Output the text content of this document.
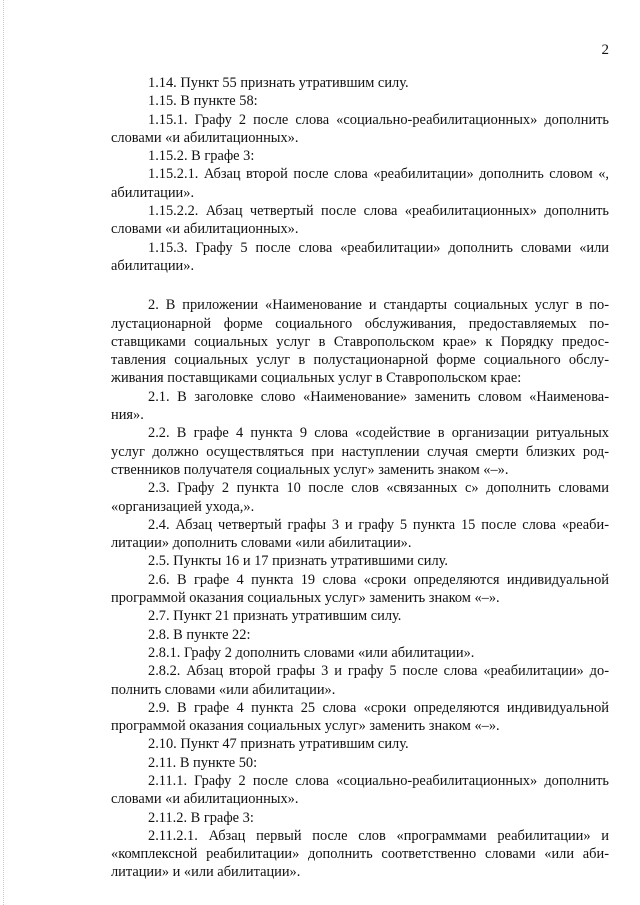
2

1.14. Пункт 55 признать утратившим силу.

1.15. В пункте 58:

1.15.1. Графу 2 после слова «социально-реабилитационных» дополнить словами «и абилитационных».

1.15.2. В графе 3:

1.15.2.1. Абзац второй после слова «реабилитации» дополнить словом «, абилитации».

1.15.2.2. Абзац четвертый после слова «реабилитационных» дополнить словами «и абилитационных».

1.15.3. Графу 5 после слова «реабилитации» дополнить словами «или абилитации».

2. В приложении «Наименование и стандарты социальных услуг в полустационарной форме социального обслуживания, предоставляемых поставщиками социальных услуг в Ставропольском крае» к Порядку предоставления социальных услуг в полустационарной форме социального обслуживания поставщиками социальных услуг в Ставропольском крае:

2.1. В заголовке слово «Наименование» заменить словом «Наименования».

2.2. В графе 4 пункта 9 слова «содействие в организации ритуальных услуг должно осуществляться при наступлении случая смерти близких родственников получателя социальных услуг» заменить знаком «–».

2.3. Графу 2 пункта 10 после слов «связанных с» дополнить словами «организацией ухода,».

2.4. Абзац четвертый графы 3 и графу 5 пункта 15 после слова «реабилитации» дополнить словами «или абилитации».

2.5. Пункты 16 и 17 признать утратившими силу.

2.6. В графе 4 пункта 19 слова «сроки определяются индивидуальной программой оказания социальных услуг» заменить знаком «–».

2.7. Пункт 21 признать утратившим силу.

2.8. В пункте 22:

2.8.1. Графу 2 дополнить словами «или абилитации».

2.8.2. Абзац второй графы 3 и графу 5 после слова «реабилитации» дополнить словами «или абилитации».

2.9. В графе 4 пункта 25 слова «сроки определяются индивидуальной программой оказания социальных услуг» заменить знаком «–».

2.10. Пункт 47 признать утратившим силу.

2.11. В пункте 50:

2.11.1. Графу 2 после слова «социально-реабилитационных» дополнить словами «и абилитационных».

2.11.2. В графе 3:

2.11.2.1. Абзац первый после слов «программами реабилитации» и «комплексной реабилитации» дополнить соответственно словами «или абилитации» и «или абилитации».
